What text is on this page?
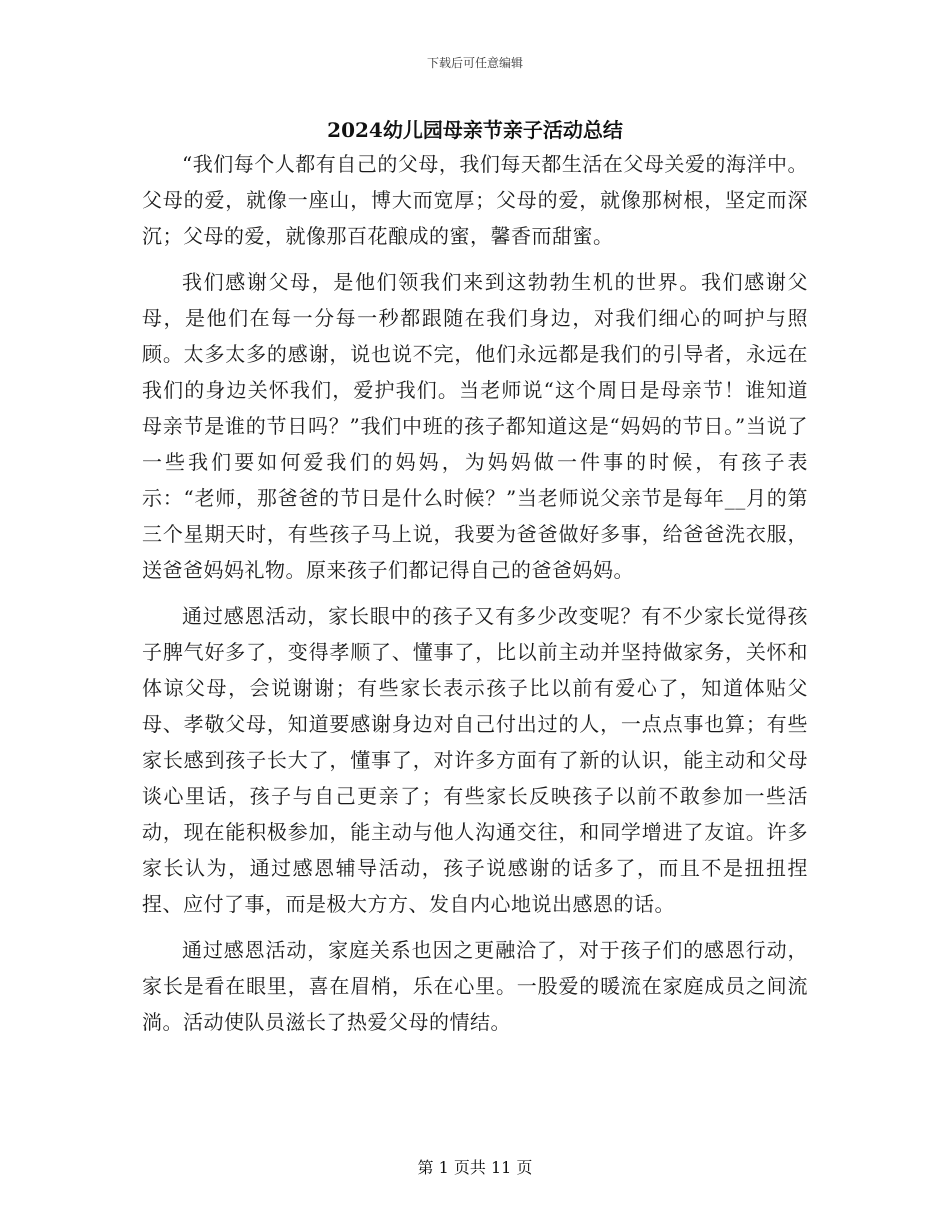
下载后可任意编辑
2024幼儿园母亲节亲子活动总结

“我们每个人都有自己的父母，我们每天都生活在父母关爱的海洋中。父母的爱，就像一座山，博大而宽厚；父母的爱，就像那树根，坚定而深沉；父母的爱，就像那百花酿成的蜜，馨香而甜蜜。

我们感谢父母，是他们领我们来到这勃勃生机的世界。我们感谢父母，是他们在每一分每一秒都跟随在我们身边，对我们细心的呵护与照顾。太多太多的感谢，说也说不完，他们永远都是我们的引导者，永远在我们的身边关怀我们，爱护我们。当老师说“这个周日是母亲节！谁知道母亲节是谁的节日吗？”我们中班的孩子都知道这是“妈妈的节日。”当说了一些我们要如何爱我们的妈妈，为妈妈做一件事的时候，有孩子表示：“老师，那爸爸的节日是什么时候？”当老师说父亲节是每年__月的第三个星期天时，有些孩子马上说，我要为爸爸做好多事，给爸爸洗衣服，送爸爸妈妈礼物。原来孩子们都记得自己的爸爸妈妈。

通过感恩活动，家长眼中的孩子又有多少改变呢？有不少家长觉得孩子脾气好多了，变得孝顺了、懂事了，比以前主动并坚持做家务，关怀和体谅父母，会说谢谢；有些家长表示孩子比以前有爱心了，知道体贴父母、孝敬父母，知道要感谢身边对自己付出过的人，一点点事也算；有些家长感到孩子长大了，懂事了，对许多方面有了新的认识，能主动和父母谈心里话，孩子与自己更亲了；有些家长反映孩子以前不敢参加一些活动，现在能积极参加，能主动与他人沟通交往，和同学增进了友谊。许多家长认为，通过感恩辅导活动，孩子说感谢的话多了，而且不是扭扭捏捏、应付了事，而是极大方方、发自内心地说出感恩的话。

通过感恩活动，家庭关系也因之更融洽了，对于孩子们的感恩行动，家长是看在眼里，喜在眉梢，乐在心里。一股爱的暖流在家庭成员之间流淌。活动使队员滋长了热爱父母的情结。

第 1 页共 11 页
